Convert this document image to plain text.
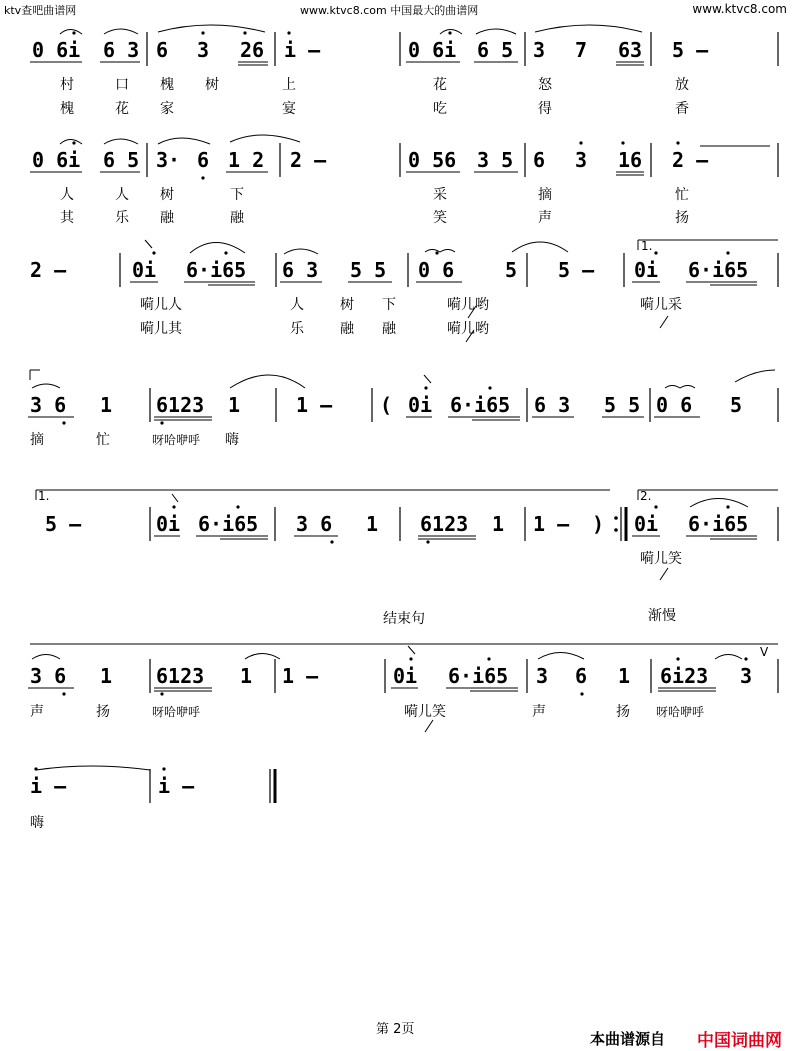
ktv查吧曲谱网	www.ktvc8.com 中国最大的曲谱网	www.ktvc8.com
0 6i 6 3 6 3 26 i –	0 6i 6 5 3 7 63 5 –
村	口 槐 树	上	花	怒	放
槐	花 家	宴	吃	得	香
0 6i 6 5 3· 6 1 2 2 –	0 56 3 5 6 3 16 2 –
人	人 树	下	采	摘	忙
其	乐 融	融	笑	声	扬
2 –	0i 6·i65 6 3 5 5 0 6	5 5 – 0i 6·i65
1.
嗬儿人	人	树 下	嗬儿哟	嗬儿采
嗬儿其	乐	融 融	嗬儿哟
3 6 1 6123 1	1 – ( 0i 6·i65 6 3 5 5 0 6 5
摘	忙	呀哈咿呼 嗨
1.	2.
5 –	0i 6·i65 3 6 1 6123 1 1 – ) 0i 6·i65
嗬儿笑
结束句	渐慢
3 6 1 6123 1 1 –	0i 6·i65 3 6 1 6i23 3
V
声	扬	呀哈咿呼	嗬儿笑	声	扬 呀哈咿呼
i –	i –
嗨
第 2页
本曲谱源自 中国词曲网
